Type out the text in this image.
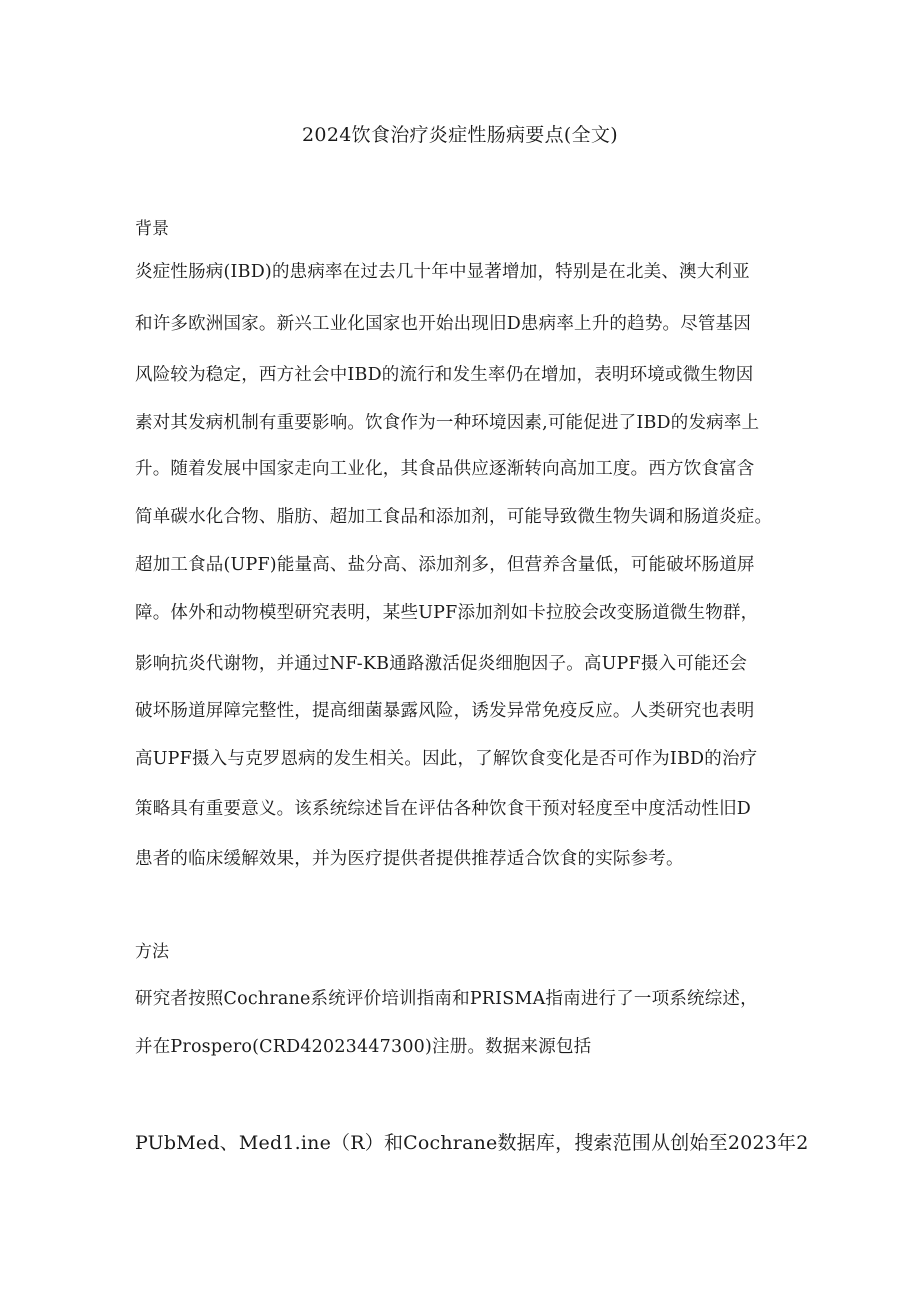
2024饮食治疗炎症性肠病要点(全文)
背景
炎症性肠病(IBD)的患病率在过去几十年中显著增加，特别是在北美、澳大利亚
和许多欧洲国家。新兴工业化国家也开始出现旧D患病率上升的趋势。尽管基因
风险较为稳定，西方社会中IBD的流行和发生率仍在增加，表明环境或微生物因
素对其发病机制有重要影响。饮食作为一种环境因素,可能促进了IBD的发病率上
升。随着发展中国家走向工业化，其食品供应逐渐转向高加工度。西方饮食富含
简单碳水化合物、脂肪、超加工食品和添加剂，可能导致微生物失调和肠道炎症。
超加工食品(UPF)能量高、盐分高、添加剂多，但营养含量低，可能破坏肠道屏
障。体外和动物模型研究表明，某些UPF添加剂如卡拉胶会改变肠道微生物群，
影响抗炎代谢物，并通过NF-KB通路激活促炎细胞因子。高UPF摄入可能还会
破坏肠道屏障完整性，提高细菌暴露风险，诱发异常免疫反应。人类研究也表明
高UPF摄入与克罗恩病的发生相关。因此，了解饮食变化是否可作为IBD的治疗
策略具有重要意义。该系统综述旨在评估各种饮食干预对轻度至中度活动性旧D
患者的临床缓解效果，并为医疗提供者提供推荐适合饮食的实际参考。
方法
研究者按照Cochrane系统评价培训指南和PRISMA指南进行了一项系统综述，
并在Prospero(CRD42023447300)注册。数据来源包括
PUbMed、Med1.ine（R）和Cochrane数据库，搜索范围从创始至2023年2
